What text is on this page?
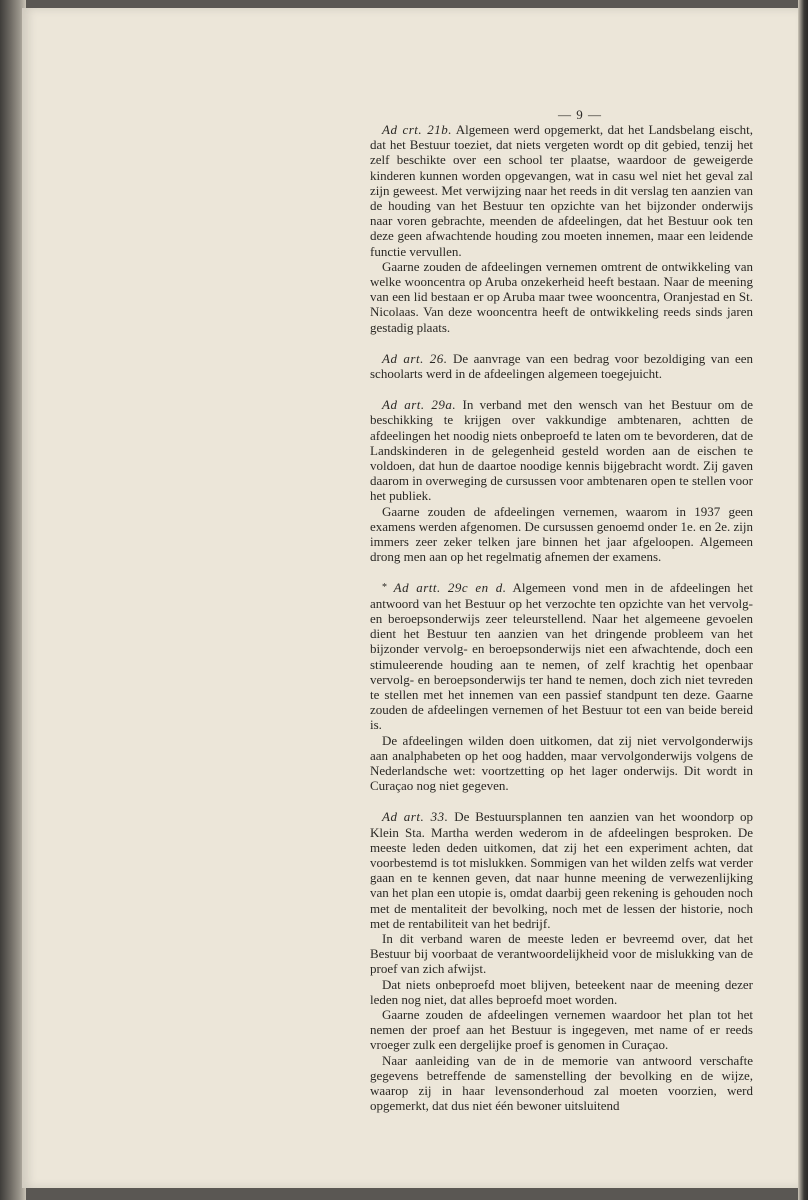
— 9 —

Ad crt. 21b. Algemeen werd opgemerkt, dat het Landsbelang eischt, dat het Bestuur toeziet, dat niets vergeten wordt op dit gebied, tenzij het zelf beschikte over een school ter plaatse, waardoor de geweigerde kinderen kunnen worden opgevangen, wat in casu wel niet het geval zal zijn geweest. Met verwijzing naar het reeds in dit verslag ten aanzien van de houding van het Bestuur ten opzichte van het bijzonder onderwijs naar voren gebrachte, meenden de afdeelingen, dat het Bestuur ook ten deze geen afwachtende houding zou moeten innemen, maar een leidende functie vervullen.

Gaarne zouden de afdeelingen vernemen omtrent de ontwikkeling van welke wooncentra op Aruba onzekerheid heeft bestaan. Naar de meening van een lid bestaan er op Aruba maar twee wooncentra, Oranjestad en St. Nicolaas. Van deze wooncentra heeft de ontwikkeling reeds sinds jaren gestadig plaats.

Ad art. 26. De aanvrage van een bedrag voor bezoldiging van een schoolarts werd in de afdeelingen algemeen toegejuicht.

Ad art. 29a. In verband met den wensch van het Bestuur om de beschikking te krijgen over vakkundige ambtenaren, achtten de afdeelingen het noodig niets onbeproefd te laten om te bevorderen, dat de Landskinderen in de gelegenheid gesteld worden aan de eischen te voldoen, dat hun de daartoe noodige kennis bijgebracht wordt. Zij gaven daarom in overweging de cursussen voor ambtenaren open te stellen voor het publiek.

Gaarne zouden de afdeelingen vernemen, waarom in 1937 geen examens werden afgenomen. De cursussen genoemd onder 1e. en 2e. zijn immers zeer zeker telken jare binnen het jaar afgeloopen. Algemeen drong men aan op het regelmatig afnemen der examens.

* Ad artt. 29c en d. Algemeen vond men in de afdeelingen het antwoord van het Bestuur op het verzochte ten opzichte van het vervolg- en beroepsonderwijs zeer teleurstellend. Naar het algemeene gevoelen dient het Bestuur ten aanzien van het dringende probleem van het bijzonder vervolg- en beroepsonderwijs niet een afwachtende, doch een stimuleerende houding aan te nemen, of zelf krachtig het openbaar vervolg- en beroepsonderwijs ter hand te nemen, doch zich niet tevreden te stellen met het innemen van een passief standpunt ten deze. Gaarne zouden de afdeelingen vernemen of het Bestuur tot een van beide bereid is.

De afdeelingen wilden doen uitkomen, dat zij niet vervolgonderwijs aan analphabeten op het oog hadden, maar vervolgonderwijs volgens de Nederlandsche wet: voortzetting op het lager onderwijs. Dit wordt in Curaçao nog niet gegeven.

Ad art. 33. De Bestuursplannen ten aanzien van het woondorp op Klein Sta. Martha werden wederom in de afdeelingen besproken. De meeste leden deden uitkomen, dat zij het een experiment achten, dat voorbestemd is tot mislukken. Sommigen van het wilden zelfs wat verder gaan en te kennen geven, dat naar hunne meening de verwezenlijking van het plan een utopie is, omdat daarbij geen rekening is gehouden noch met de mentaliteit der bevolking, noch met de lessen der historie, noch met de rentabiliteit van het bedrijf.

In dit verband waren de meeste leden er bevreemd over, dat het Bestuur bij voorbaat de verantwoordelijkheid voor de mislukking van de proef van zich afwijst.

Dat niets onbeproefd moet blijven, beteekent naar de meening dezer leden nog niet, dat alles beproefd moet worden.

Gaarne zouden de afdeelingen vernemen waardoor het plan tot het nemen der proef aan het Bestuur is ingegeven, met name of er reeds vroeger zulk een dergelijke proef is genomen in Curaçao.

Naar aanleiding van de in de memorie van antwoord verschafte gegevens betreffende de samenstelling der bevolking en de wijze, waarop zij in haar levensonderhoud zal moeten voorzien, werd opgemerkt, dat dus niet één bewoner uitsluitend
